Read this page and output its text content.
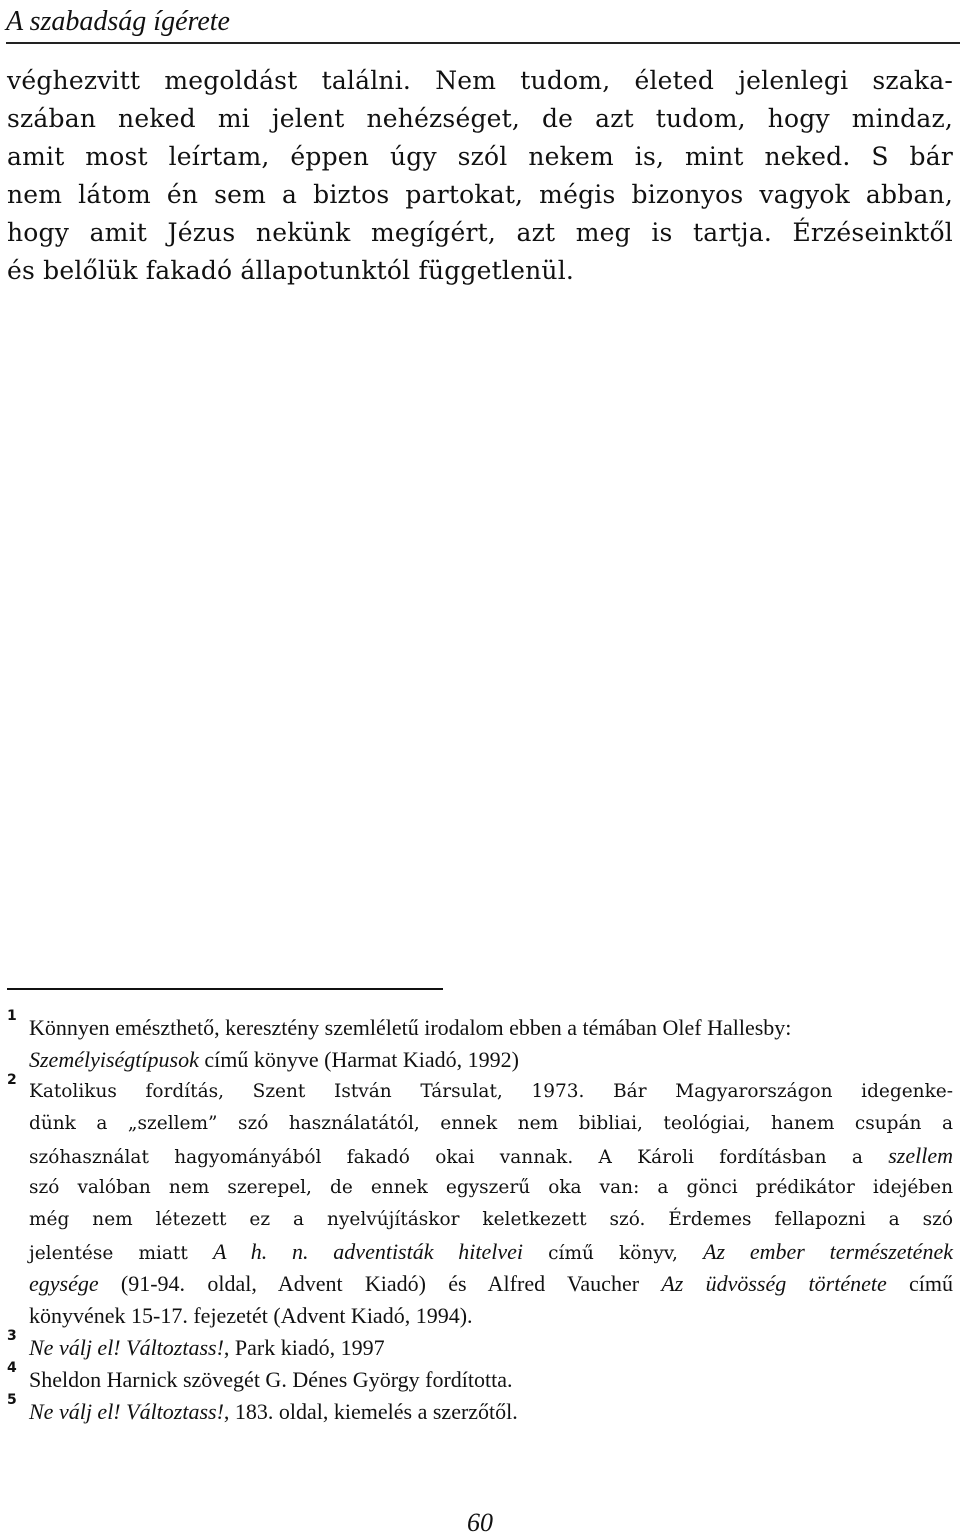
A szabadság ígérete
véghezvitt megoldást találni. Nem tudom, életed jelenlegi szaka-
szában neked mi jelent nehézséget, de azt tudom, hogy mindaz,
amit most leírtam, éppen úgy szól nekem is, mint neked. S bár
nem látom én sem a biztos partokat, mégis bizonyos vagyok abban,
hogy amit Jézus nekünk megígért, azt meg is tartja. Érzéseinktől
és belőlük fakadó állapotunktól függetlenül.
1 Könnyen emészthető, keresztény szemléletű irodalom ebben a témában Olef Hallesby:
Személyiségtípusok című könyve (Harmat Kiadó, 1992)
2
Katolikus fordítás, Szent István Társulat, 1973. Bár Magyarországon idegenke-
dünk a „szellem” szó használatától, ennek nem bibliai, teológiai, hanem csupán a
szóhasználat hagyományából fakadó okai vannak. A Károli fordításban a szellem
szó valóban nem szerepel, de ennek egyszerű oka van: a gönci prédikátor idejében
még nem létezett ez a nyelvújításkor keletkezett szó. Érdemes fellapozni a szó
jelentése miatt A h. n. adventisták hitelvei című könyv, Az ember természetének
egysége (91-94. oldal, Advent Kiadó) és Alfred Vaucher Az üdvösség története című
könyvének 15-17. fejezetét (Advent Kiadó, 1994).
3 Ne válj el! Változtass!, Park kiadó, 1997
4 Sheldon Harnick szövegét G. Dénes György fordította.
5 Ne válj el! Változtass!, 183. oldal, kiemelés a szerzőtől.
60
